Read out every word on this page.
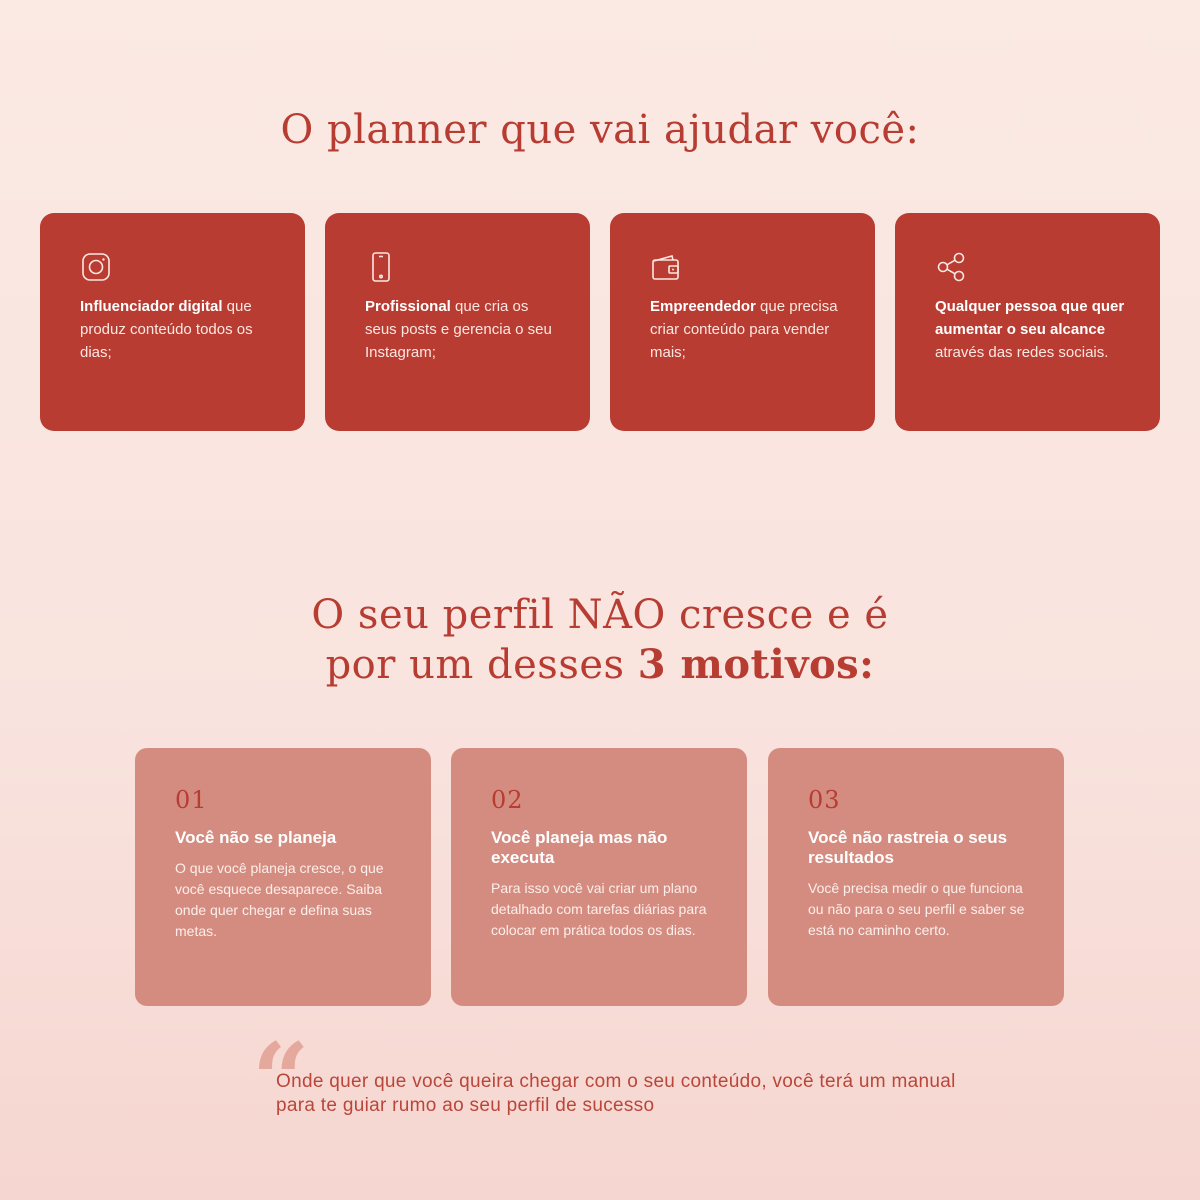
O planner que vai ajudar você:

Influenciador digital que produz conteúdo todos os dias;

Profissional que cria os seus posts e gerencia o seu Instagram;

Empreendedor que precisa criar conteúdo para vender mais;

Qualquer pessoa que quer aumentar o seu alcance através das redes sociais.

O seu perfil NÃO cresce e é
por um desses 3 motivos:
01
Você não se planeja
O que você planeja cresce, o que você esquece desaparece. Saiba onde quer chegar e defina suas metas.
02
Você planeja mas não executa
Para isso você vai criar um plano detalhado com tarefas diárias para colocar em prática todos os dias.
03
Você não rastreia o seus resultados
Você precisa medir o que funciona ou não para o seu perfil e saber se está no caminho certo.
“
Onde quer que você queira chegar com o seu conteúdo, você terá um manual para te guiar rumo ao seu perfil de sucesso
